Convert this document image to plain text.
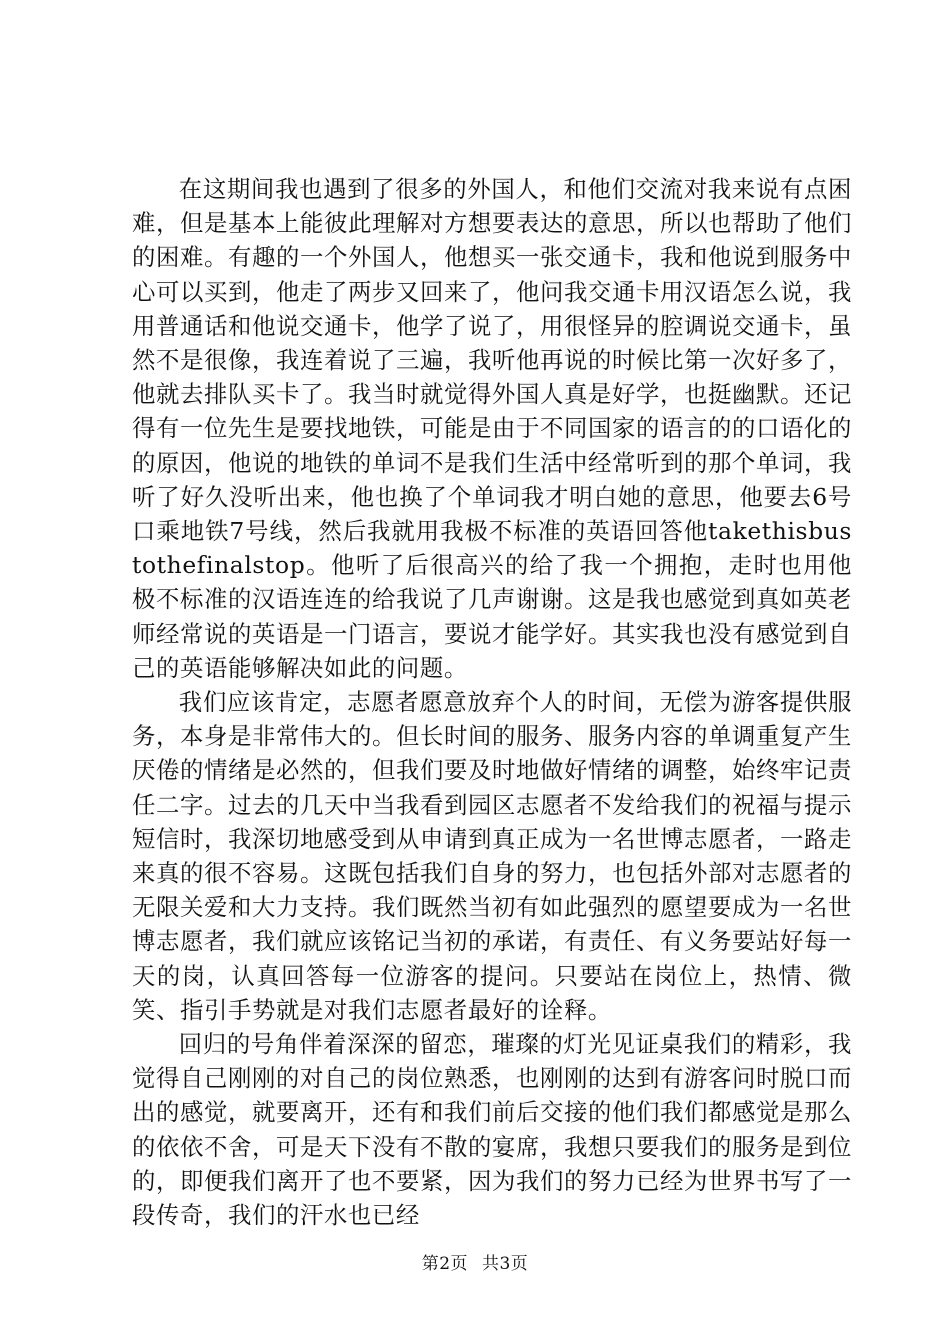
在这期间我也遇到了很多的外国人，和他们交流对我来说有点困难，但是基本上能彼此理解对方想要表达的意思，所以也帮助了他们的困难。有趣的一个外国人，他想买一张交通卡，我和他说到服务中心可以买到，他走了两步又回来了，他问我交通卡用汉语怎么说，我用普通话和他说交通卡，他学了说了，用很怪异的腔调说交通卡，虽然不是很像，我连着说了三遍，我听他再说的时候比第一次好多了，他就去排队买卡了。我当时就觉得外国人真是好学，也挺幽默。还记得有一位先生是要找地铁，可能是由于不同国家的语言的的口语化的的原因，他说的地铁的单词不是我们生活中经常听到的那个单词，我听了好久没听出来，他也换了个单词我才明白她的意思，他要去6号口乘地铁7号线，然后我就用我极不标准的英语回答他takethisbustothefinalstop。他听了后很高兴的给了我一个拥抱，走时也用他极不标准的汉语连连的给我说了几声谢谢。这是我也感觉到真如英老师经常说的英语是一门语言，要说才能学好。其实我也没有感觉到自己的英语能够解决如此的问题。

我们应该肯定，志愿者愿意放弃个人的时间，无偿为游客提供服务，本身是非常伟大的。但长时间的服务、服务内容的单调重复产生厌倦的情绪是必然的，但我们要及时地做好情绪的调整，始终牢记责任二字。过去的几天中当我看到园区志愿者不发给我们的祝福与提示短信时，我深切地感受到从申请到真正成为一名世博志愿者，一路走来真的很不容易。这既包括我们自身的努力，也包括外部对志愿者的无限关爱和大力支持。我们既然当初有如此强烈的愿望要成为一名世博志愿者，我们就应该铭记当初的承诺，有责任、有义务要站好每一天的岗，认真回答每一位游客的提问。只要站在岗位上，热情、微笑、指引手势就是对我们志愿者最好的诠释。

回归的号角伴着深深的留恋，璀璨的灯光见证桌我们的精彩，我觉得自己刚刚的对自己的岗位熟悉，也刚刚的达到有游客问时脱口而出的感觉，就要离开，还有和我们前后交接的他们我们都感觉是那么的依依不舍，可是天下没有不散的宴席，我想只要我们的服务是到位的，即便我们离开了也不要紧，因为我们的努力已经为世界书写了一段传奇，我们的汗水也已经

第2页 共3页
